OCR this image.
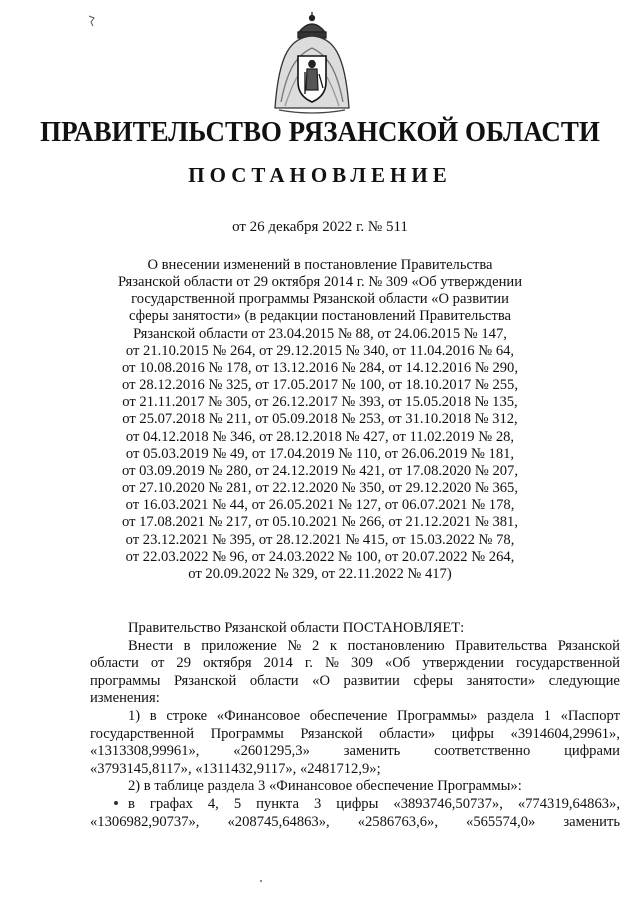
ПРАВИТЕЛЬСТВО РЯЗАНСКОЙ ОБЛАСТИ
ПОСТАНОВЛЕНИЕ
от 26 декабря 2022 г. № 511
О внесении изменений в постановление Правительства
Рязанской области от 29 октября 2014 г. № 309 «Об утверждении
государственной программы Рязанской области «О развитии
сферы занятости» (в редакции постановлений Правительства
Рязанской области от 23.04.2015 № 88, от 24.06.2015 № 147,
от 21.10.2015 № 264, от 29.12.2015 № 340, от 11.04.2016 № 64,
от 10.08.2016 № 178, от 13.12.2016 № 284, от 14.12.2016 № 290,
от 28.12.2016 № 325, от 17.05.2017 № 100, от 18.10.2017 № 255,
от 21.11.2017 № 305, от 26.12.2017 № 393, от 15.05.2018 № 135,
от 25.07.2018 № 211, от 05.09.2018 № 253, от 31.10.2018 № 312,
от 04.12.2018 № 346, от 28.12.2018 № 427, от 11.02.2019 № 28,
от 05.03.2019 № 49, от 17.04.2019 № 110, от 26.06.2019 № 181,
от 03.09.2019 № 280, от 24.12.2019 № 421, от 17.08.2020 № 207,
от 27.10.2020 № 281, от 22.12.2020 № 350, от 29.12.2020 № 365,
от 16.03.2021 № 44, от 26.05.2021 № 127, от 06.07.2021 № 178,
от 17.08.2021 № 217, от 05.10.2021 № 266, от 21.12.2021 № 381,
от 23.12.2021 № 395, от 28.12.2021 № 415, от 15.03.2022 № 78,
от 22.03.2022 № 96, от 24.03.2022 № 100, от 20.07.2022 № 264,
от 20.09.2022 № 329, от 22.11.2022 № 417)
Правительство Рязанской области ПОСТАНОВЛЯЕТ:
Внести в приложение № 2 к постановлению Правительства Рязанской
области от 29 октября 2014 г. № 309 «Об утверждении государственной
программы Рязанской области «О развитии сферы занятости» следующие
изменения:
1) в строке «Финансовое обеспечение Программы» раздела 1 «Паспорт
государственной Программы Рязанской области» цифры «3914604,29961»,
«1313308,99961», «2601295,3» заменить соответственно цифрами
«3793145,8117», «1311432,9117», «2481712,9»;
2) в таблице раздела 3 «Финансовое обеспечение Программы»:
в графах 4, 5 пункта 3 цифры «3893746,50737», «774319,64863»,
«1306982,90737», «208745,64863», «2586763,6», «565574,0» заменить
